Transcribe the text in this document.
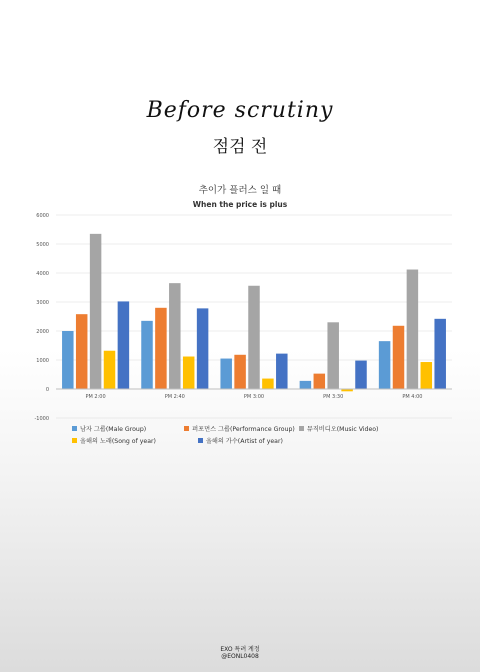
Before scrutiny
점검 전
추이가 플러스 일 때
When the price is plus
-1000
0
1000
2000
3000
4000
5000
6000
PM 2:00	PM 2:40	PM 3:00	PM 3:30	PM 4:00
남자 그룹(Male Group)	퍼포먼스 그룹(Performance Group) 뮤직비디오(Music Video)
올해의 노래(Song of year)	올해의 가수(Artist of year)
EXO 특려 계정
@EONL0408
